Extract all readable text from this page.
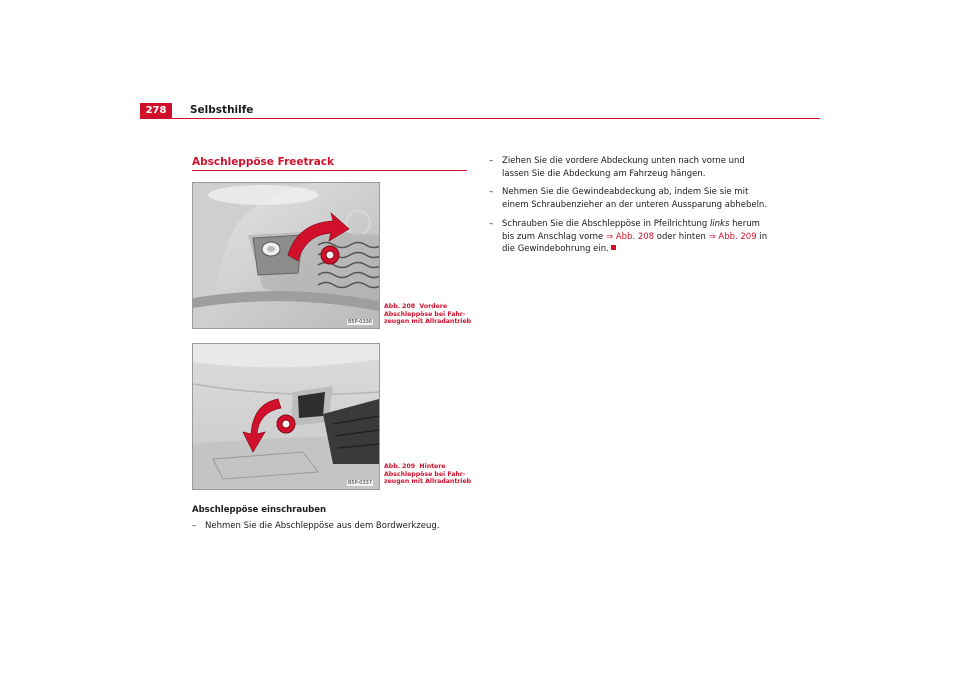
278	Selbsthilfe
Abschleppöse Freetrack
B5P-0336
Abb. 208 Vordere Abschleppöse bei Fahr-zeugen mit Allradantrieb
B5P-0337
Abb. 209 Hintere Abschleppöse bei Fahr-zeugen mit Allradantrieb
Abschleppöse einschrauben
–	Nehmen Sie die Abschleppöse aus dem Bordwerkzeug.
–	Ziehen Sie die vordere Abdeckung unten nach vorne und lassen Sie die Abdeckung am Fahrzeug hängen.
–	Nehmen Sie die Gewindeabdeckung ab, indem Sie sie mit einem Schraubenzieher an der unteren Aussparung abhebeln.
–	Schrauben Sie die Abschleppöse in Pfeilrichtung links herum bis zum Anschlag vorne ⇒ Abb. 208 oder hinten ⇒ Abb. 209 in die Gewindebohrung ein.
